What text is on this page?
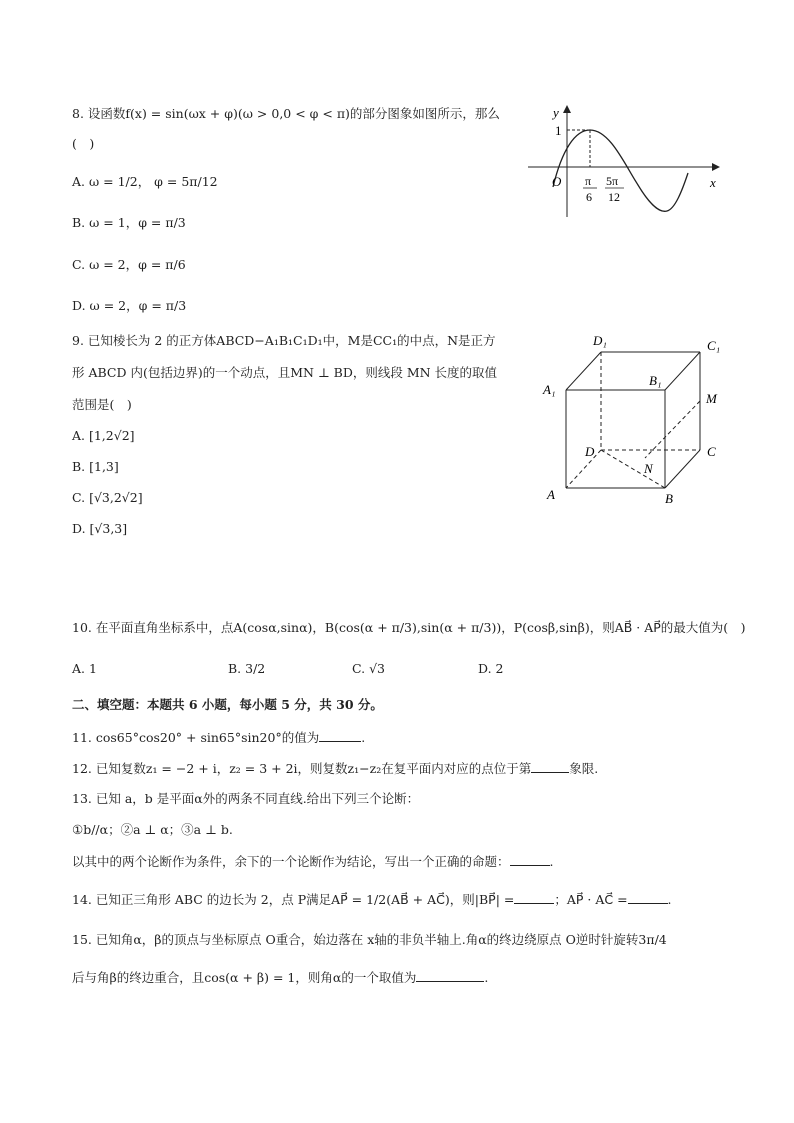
8. 设函数f(x) = sin(ωx + φ)(ω > 0,0 < φ < π)的部分图象如图所示，那么
(　)
A. ω = 1/2， φ = 5π/12
B. ω = 1，φ = π/3
C. ω = 2，φ = π/6
D. ω = 2，φ = π/3
y
x
O
1
π
6
5π
12
9. 已知棱长为 2 的正方体ABCD−A₁B₁C₁D₁中，M是CC₁的中点，N是正方
形 ABCD 内(包括边界)的一个动点，且MN ⊥ BD，则线段 MN 长度的取值
范围是(　)
A. [1,2√2]
B. [1,3]
C. [√3,2√2]
D. [√3,3]
D₁	C₁
B₁
A₁
M
D	C
N
A	B
10. 在平面直角坐标系中，点A(cosα,sinα)，B(cos(α + π/3),sin(α + π/3))，P(cosβ,sinβ)，则AB⃗ · AP⃗的最大值为(　)
A. 1	B. 3/2	C. √3	D. 2
二、填空题：本题共 6 小题，每小题 5 分，共 30 分。
11. cos65°cos20° + sin65°sin20°的值为	.
12. 已知复数z₁ = −2 + i，z₂ = 3 + 2i，则复数z₁−z₂在复平面内对应的点位于第	象限.
13. 已知 a，b 是平面α外的两条不同直线.给出下列三个论断：
①b//α；②a ⊥ α；③a ⊥ b.
以其中的两个论断作为条件，余下的一个论断作为结论，写出一个正确的命题：	.
14. 已知正三角形 ABC 的边长为 2，点 P满足AP⃗ = 1/2(AB⃗ + AC⃗)，则|BP⃗| =	；AP⃗ · AC⃗ =	.
15. 已知角α，β的顶点与坐标原点 O重合，始边落在 x轴的非负半轴上.角α的终边绕原点 O逆时针旋转3π/4
后与角β的终边重合，且cos(α + β) = 1，则角α的一个取值为	.
